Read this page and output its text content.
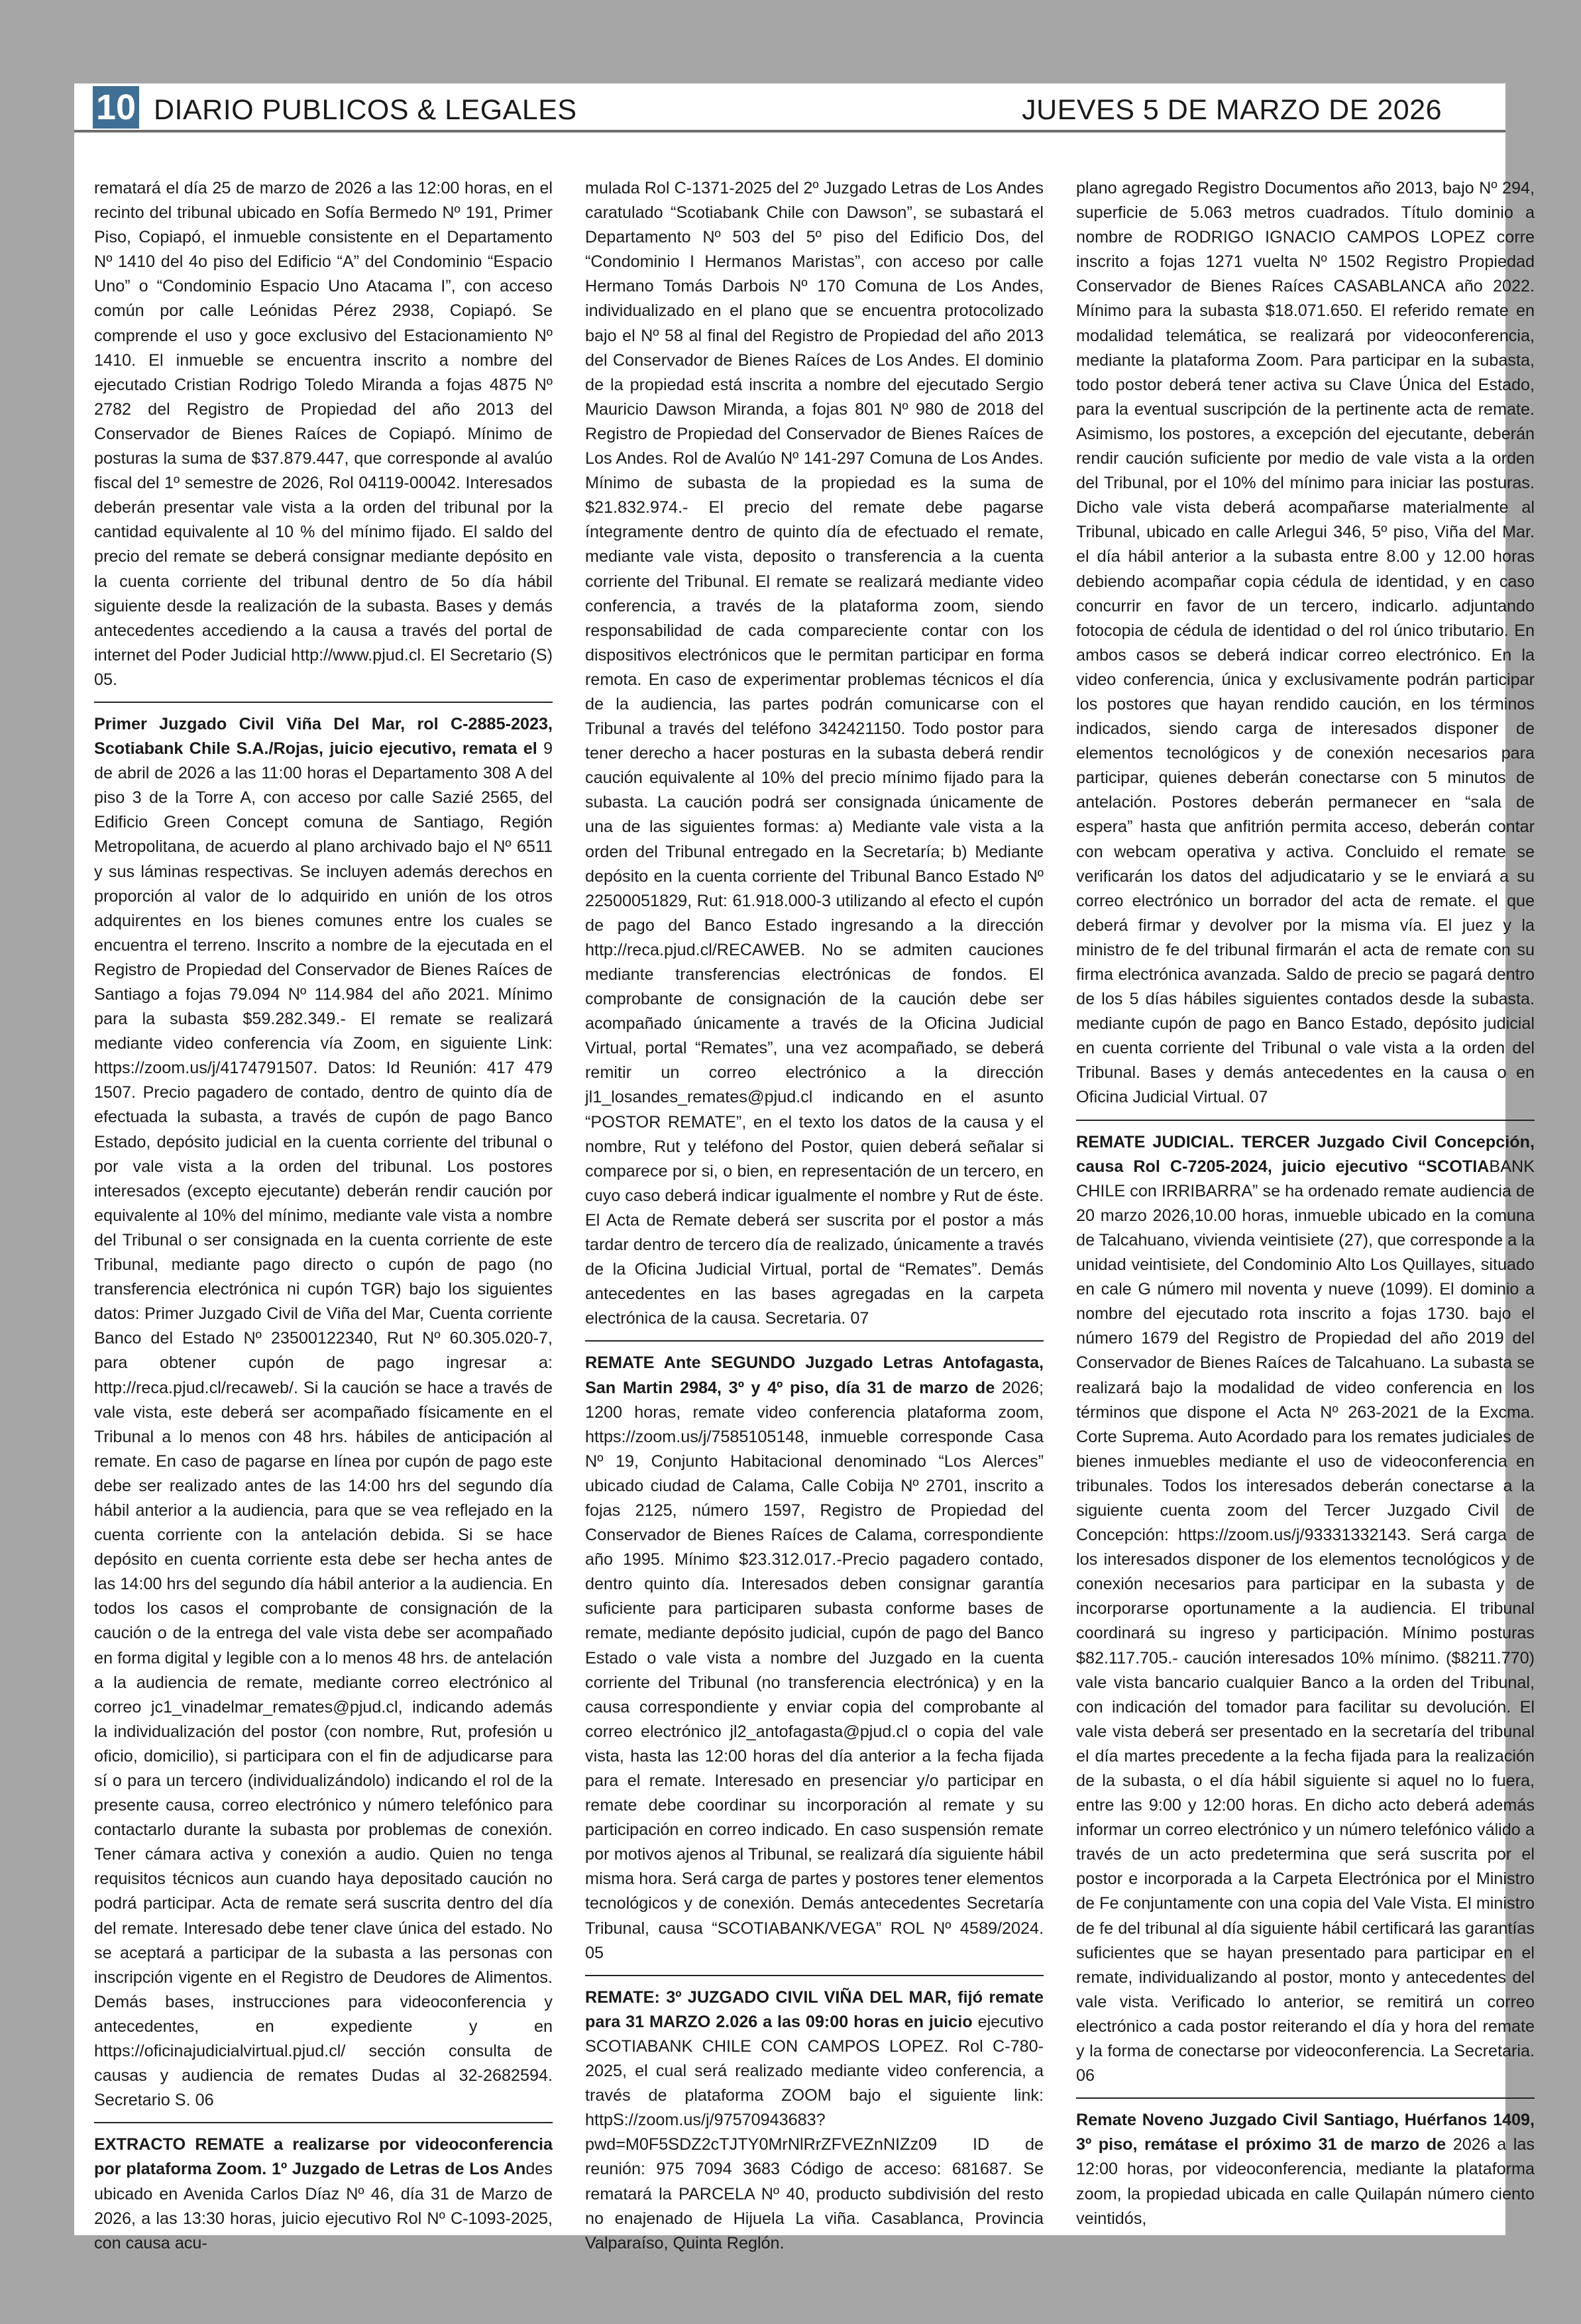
10 DIARIO PUBLICOS & LEGALES	JUEVES 5 DE MARZO DE 2026

rematará el día 25 de marzo de 2026 a las 12:00 horas, en el recinto del tribunal ubicado en Sofía Bermedo Nº 191, Primer Piso, Copiapó, el inmueble consistente en el Departamento Nº 1410 del 4o piso del Edificio “A” del Condominio “Espacio Uno” o “Condominio Espacio Uno Atacama I”, con acceso común por calle Leónidas Pérez 2938, Copiapó. Se comprende el uso y goce exclusivo del Estacionamiento Nº 1410. El inmueble se encuentra inscrito a nombre del ejecutado Cristian Rodrigo Toledo Miranda a fojas 4875 Nº 2782 del Registro de Propiedad del año 2013 del Conservador de Bienes Raíces de Copiapó. Mínimo de posturas la suma de $37.879.447, que corresponde al avalúo fiscal del 1º semestre de 2026, Rol 04119-00042. Interesados deberán presentar vale vista a la orden del tribunal por la cantidad equivalente al 10 % del mínimo fijado. El saldo del precio del remate se deberá consignar mediante depósito en la cuenta corriente del tribunal dentro de 5o día hábil siguiente desde la realización de la subasta. Bases y demás antecedentes accediendo a la causa a través del portal de internet del Poder Judicial http://www.pjud.cl. El Secretario (S) 05.

Primer Juzgado Civil Viña Del Mar, rol C-2885-2023, Scotiabank Chile S.A./Rojas, juicio ejecutivo, remata el 9 de abril de 2026 a las 11:00 horas el Departamento 308 A del piso 3 de la Torre A, con acceso por calle Sazié 2565, del Edificio Green Concept comuna de Santiago, Región Metropolitana, de acuerdo al plano archivado bajo el Nº 6511 y sus láminas respectivas. Se incluyen además derechos en proporción al valor de lo adquirido en unión de los otros adquirentes en los bienes comunes entre los cuales se encuentra el terreno. Inscrito a nombre de la ejecutada en el Registro de Propiedad del Conservador de Bienes Raíces de Santiago a fojas 79.094 Nº 114.984 del año 2021. Mínimo para la subasta $59.282.349.- El remate se realizará mediante video conferencia vía Zoom, en siguiente Link: https://zoom.us/j/4174791507. Datos: Id Reunión: 417 479 1507. Precio pagadero de contado, dentro de quinto día de efectuada la subasta, a través de cupón de pago Banco Estado, depósito judicial en la cuenta corriente del tribunal o por vale vista a la orden del tribunal. Los postores interesados (excepto ejecutante) deberán rendir caución por equivalente al 10% del mínimo, mediante vale vista a nombre del Tribunal o ser consignada en la cuenta corriente de este Tribunal, mediante pago directo o cupón de pago (no transferencia electrónica ni cupón TGR) bajo los siguientes datos: Primer Juzgado Civil de Viña del Mar, Cuenta corriente Banco del Estado Nº 23500122340, Rut Nº 60.305.020-7, para obtener cupón de pago ingresar a: http://reca.pjud.cl/recaweb/. Si la caución se hace a través de vale vista, este deberá ser acompañado físicamente en el Tribunal a lo menos con 48 hrs. hábiles de anticipación al remate. En caso de pagarse en línea por cupón de pago este debe ser realizado antes de las 14:00 hrs del segundo día hábil anterior a la audiencia, para que se vea reflejado en la cuenta corriente con la antelación debida. Si se hace depósito en cuenta corriente esta debe ser hecha antes de las 14:00 hrs del segundo día hábil anterior a la audiencia. En todos los casos el comprobante de consignación de la caución o de la entrega del vale vista debe ser acompañado en forma digital y legible con a lo menos 48 hrs. de antelación a la audiencia de remate, mediante correo electrónico al correo jc1_vinadelmar_remates@pjud.cl, indicando además la individualización del postor (con nombre, Rut, profesión u oficio, domicilio), si participara con el fin de adjudicarse para sí o para un tercero (individualizándolo) indicando el rol de la presente causa, correo electrónico y número telefónico para contactarlo durante la subasta por problemas de conexión. Tener cámara activa y conexión a audio. Quien no tenga requisitos técnicos aun cuando haya depositado caución no podrá participar. Acta de remate será suscrita dentro del día del remate. Interesado debe tener clave única del estado. No se aceptará a participar de la subasta a las personas con inscripción vigente en el Registro de Deudores de Alimentos. Demás bases, instrucciones para videoconferencia y antecedentes, en expediente y en https://oficinajudicialvirtual.pjud.cl/ sección consulta de causas y audiencia de remates Dudas al 32-2682594. Secretario S. 06

EXTRACTO REMATE a realizarse por videoconferencia por plataforma Zoom. 1º Juzgado de Letras de Los Andes ubicado en Avenida Carlos Díaz Nº 46, día 31 de Marzo de 2026, a las 13:30 horas, juicio ejecutivo Rol Nº C-1093-2025, con causa acu-

mulada Rol C-1371-2025 del 2º Juzgado Letras de Los Andes caratulado “Scotiabank Chile con Dawson”, se subastará el Departamento Nº 503 del 5º piso del Edificio Dos, del “Condominio I Hermanos Maristas”, con acceso por calle Hermano Tomás Darbois Nº 170 Comuna de Los Andes, individualizado en el plano que se encuentra protocolizado bajo el Nº 58 al final del Registro de Propiedad del año 2013 del Conservador de Bienes Raíces de Los Andes. El dominio de la propiedad está inscrita a nombre del ejecutado Sergio Mauricio Dawson Miranda, a fojas 801 Nº 980 de 2018 del Registro de Propiedad del Conservador de Bienes Raíces de Los Andes. Rol de Avalúo Nº 141-297 Comuna de Los Andes. Mínimo de subasta de la propiedad es la suma de $21.832.974.- El precio del remate debe pagarse íntegramente dentro de quinto día de efectuado el remate, mediante vale vista, deposito o transferencia a la cuenta corriente del Tribunal. El remate se realizará mediante video conferencia, a través de la plataforma zoom, siendo responsabilidad de cada compareciente contar con los dispositivos electrónicos que le permitan participar en forma remota. En caso de experimentar problemas técnicos el día de la audiencia, las partes podrán comunicarse con el Tribunal a través del teléfono 342421150. Todo postor para tener derecho a hacer posturas en la subasta deberá rendir caución equivalente al 10% del precio mínimo fijado para la subasta. La caución podrá ser consignada únicamente de una de las siguientes formas: a) Mediante vale vista a la orden del Tribunal entregado en la Secretaría; b) Mediante depósito en la cuenta corriente del Tribunal Banco Estado Nº 22500051829, Rut: 61.918.000-3 utilizando al efecto el cupón de pago del Banco Estado ingresando a la dirección http://reca.pjud.cl/RECAWEB. No se admiten cauciones mediante transferencias electrónicas de fondos. El comprobante de consignación de la caución debe ser acompañado únicamente a través de la Oficina Judicial Virtual, portal “Remates”, una vez acompañado, se deberá remitir un correo electrónico a la dirección jl1_losandes_remates@pjud.cl indicando en el asunto “POSTOR REMATE”, en el texto los datos de la causa y el nombre, Rut y teléfono del Postor, quien deberá señalar si comparece por si, o bien, en representación de un tercero, en cuyo caso deberá indicar igualmente el nombre y Rut de éste. El Acta de Remate deberá ser suscrita por el postor a más tardar dentro de tercero día de realizado, únicamente a través de la Oficina Judicial Virtual, portal de “Remates”. Demás antecedentes en las bases agregadas en la carpeta electrónica de la causa. Secretaria. 07

REMATE Ante SEGUNDO Juzgado Letras Antofagasta, San Martin 2984, 3º y 4º piso, día 31 de marzo de 2026; 1200 horas, remate video conferencia plataforma zoom, https://zoom.us/j/7585105148, inmueble corresponde Casa Nº 19, Conjunto Habitacional denominado “Los Alerces” ubicado ciudad de Calama, Calle Cobija Nº 2701, inscrito a fojas 2125, número 1597, Registro de Propiedad del Conservador de Bienes Raíces de Calama, correspondiente año 1995. Mínimo $23.312.017.-Precio pagadero contado, dentro quinto día. Interesados deben consignar garantía suficiente para participaren subasta conforme bases de remate, mediante depósito judicial, cupón de pago del Banco Estado o vale vista a nombre del Juzgado en la cuenta corriente del Tribunal (no transferencia electrónica) y en la causa correspondiente y enviar copia del comprobante al correo electrónico jl2_antofagasta@pjud.cl o copia del vale vista, hasta las 12:00 horas del día anterior a la fecha fijada para el remate. Interesado en presenciar y/o participar en remate debe coordinar su incorporación al remate y su participación en correo indicado. En caso suspensión remate por motivos ajenos al Tribunal, se realizará día siguiente hábil misma hora. Será carga de partes y postores tener elementos tecnológicos y de conexión. Demás antecedentes Secretaría Tribunal, causa “SCOTIABANK/VEGA” ROL Nº 4589/2024. 05

REMATE: 3º JUZGADO CIVIL VIÑA DEL MAR, fijó remate para 31 MARZO 2.026 a las 09:00 horas en juicio ejecutivo SCOTIABANK CHILE CON CAMPOS LOPEZ. Rol C-780-2025, el cual será realizado mediante video conferencia, a través de plataforma ZOOM bajo el siguiente link: httpS://zoom.us/j/97570943683?pwd=M0F5SDZ2cTJTY0MrNlRrZFVEZnNIZz09 ID de reunión: 975 7094 3683 Código de acceso: 681687. Se rematará la PARCELA Nº 40, producto subdivisión del resto no enajenado de Hijuela La viña. Casablanca, Provincia Valparaíso, Quinta Reglón.

plano agregado Registro Documentos año 2013, bajo Nº 294, superficie de 5.063 metros cuadrados. Título dominio a nombre de RODRIGO IGNACIO CAMPOS LOPEZ corre inscrito a fojas 1271 vuelta Nº 1502 Registro Propiedad Conservador de Bienes Raíces CASABLANCA año 2022. Mínimo para la subasta $18.071.650. El referido remate en modalidad telemática, se realizará por videoconferencia, mediante la plataforma Zoom. Para participar en la subasta, todo postor deberá tener activa su Clave Única del Estado, para la eventual suscripción de la pertinente acta de remate. Asimismo, los postores, a excepción del ejecutante, deberán rendir caución suficiente por medio de vale vista a la orden del Tribunal, por el 10% del mínimo para iniciar las posturas. Dicho vale vista deberá acompañarse materialmente al Tribunal, ubicado en calle Arlegui 346, 5º piso, Viña del Mar. el día hábil anterior a la subasta entre 8.00 y 12.00 horas debiendo acompañar copia cédula de identidad, y en caso concurrir en favor de un tercero, indicarlo. adjuntando fotocopia de cédula de identidad o del rol único tributario. En ambos casos se deberá indicar correo electrónico. En la video conferencia, única y exclusivamente podrán participar los postores que hayan rendido caución, en los términos indicados, siendo carga de interesados disponer de elementos tecnológicos y de conexión necesarios para participar, quienes deberán conectarse con 5 minutos de antelación. Postores deberán permanecer en “sala de espera” hasta que anfitrión permita acceso, deberán contar con webcam operativa y activa. Concluido el remate se verificarán los datos del adjudicatario y se le enviará a su correo electrónico un borrador del acta de remate. el que deberá firmar y devolver por la misma vía. El juez y la ministro de fe del tribunal firmarán el acta de remate con su firma electrónica avanzada. Saldo de precio se pagará dentro de los 5 días hábiles siguientes contados desde la subasta. mediante cupón de pago en Banco Estado, depósito judicial en cuenta corriente del Tribunal o vale vista a la orden del Tribunal. Bases y demás antecedentes en la causa o en Oficina Judicial Virtual. 07

REMATE JUDICIAL. TERCER Juzgado Civil Concepción, causa Rol C-7205-2024, juicio ejecutivo “SCOTIABANK CHILE con IRRIBARRA” se ha ordenado remate audiencia de 20 marzo 2026,10.00 horas, inmueble ubicado en la comuna de Talcahuano, vivienda veintisiete (27), que corresponde a la unidad veintisiete, del Condominio Alto Los Quillayes, situado en cale G número mil noventa y nueve (1099). El dominio a nombre del ejecutado rota inscrito a fojas 1730. bajo el número 1679 del Registro de Propiedad del año 2019 del Conservador de Bienes Raíces de Talcahuano. La subasta se realizará bajo la modalidad de video conferencia en los términos que dispone el Acta Nº 263-2021 de la Excma. Corte Suprema. Auto Acordado para los remates judiciales de bienes inmuebles mediante el uso de videoconferencia en tribunales. Todos los interesados deberán conectarse a la siguiente cuenta zoom del Tercer Juzgado Civil de Concepción: https://zoom.us/j/93331332143. Será carga de los interesados disponer de los elementos tecnológicos y de conexión necesarios para participar en la subasta y de incorporarse oportunamente a la audiencia. El tribunal coordinará su ingreso y participación. Mínimo posturas $82.117.705.- caución interesados 10% mínimo. ($8211.770) vale vista bancario cualquier Banco a la orden del Tribunal, con indicación del tomador para facilitar su devolución. El vale vista deberá ser presentado en la secretaría del tribunal el día martes precedente a la fecha fijada para la realización de la subasta, o el día hábil siguiente si aquel no lo fuera, entre las 9:00 y 12:00 horas. En dicho acto deberá además informar un correo electrónico y un número telefónico válido a través de un acto predetermina que será suscrita por el postor e incorporada a la Carpeta Electrónica por el Ministro de Fe conjuntamente con una copia del Vale Vista. El ministro de fe del tribunal al día siguiente hábil certificará las garantías suficientes que se hayan presentado para participar en el remate, individualizando al postor, monto y antecedentes del vale vista. Verificado lo anterior, se remitirá un correo electrónico a cada postor reiterando el día y hora del remate y la forma de conectarse por videoconferencia. La Secretaria. 06

Remate Noveno Juzgado Civil Santiago, Huérfanos 1409, 3º piso, remátase el próximo 31 de marzo de 2026 a las 12:00 horas, por videoconferencia, mediante la plataforma zoom, la propiedad ubicada en calle Quilapán número ciento veintidós,
